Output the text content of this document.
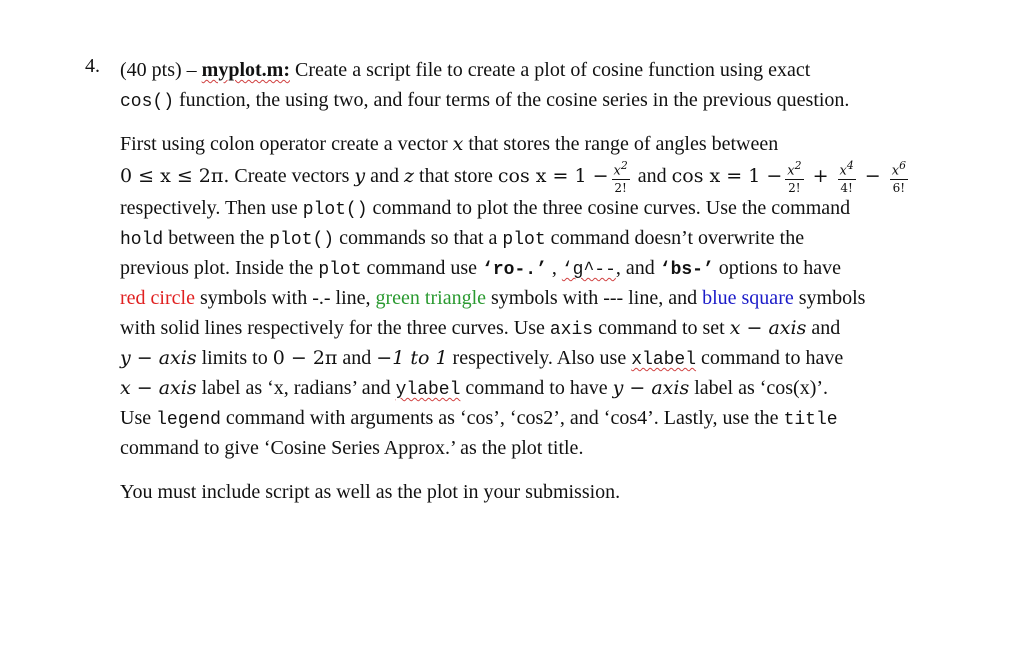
4. (40 pts) – myplot.m: Create a script file to create a plot of cosine function using exact
cos() function, the using two, and four terms of the cosine series in the previous question.
First using colon operator create a vector x that stores the range of angles between
0 ≤ x ≤ 2π. Create vectors y and z that store $\cos x = 1 - \frac{x^2}{2!}$ and $\cos x = 1 - \frac{x^2}{2!} + \frac{x^4}{4!} - \frac{x^6}{6!}$
respectively. Then use plot() command to plot the three cosine curves. Use the command
hold between the plot() commands so that a plot command doesn’t overwrite the
previous plot. Inside the plot command use ‘ro-.’ , ‘g^--, and ‘bs-’ options to have
red circle symbols with -.- line, green triangle symbols with --- line, and blue square symbols
with solid lines respectively for the three curves. Use axis command to set x − axis and
y − axis limits to 0 − 2π and −1 to 1 respectively. Also use xlabel command to have
x − axis label as ‘x, radians’ and ylabel command to have y − axis label as ‘cos(x)’.
Use legend command with arguments as ‘cos’, ‘cos2’, and ‘cos4’. Lastly, use the title
command to give ‘Cosine Series Approx.’ as the plot title.
You must include script as well as the plot in your submission.
